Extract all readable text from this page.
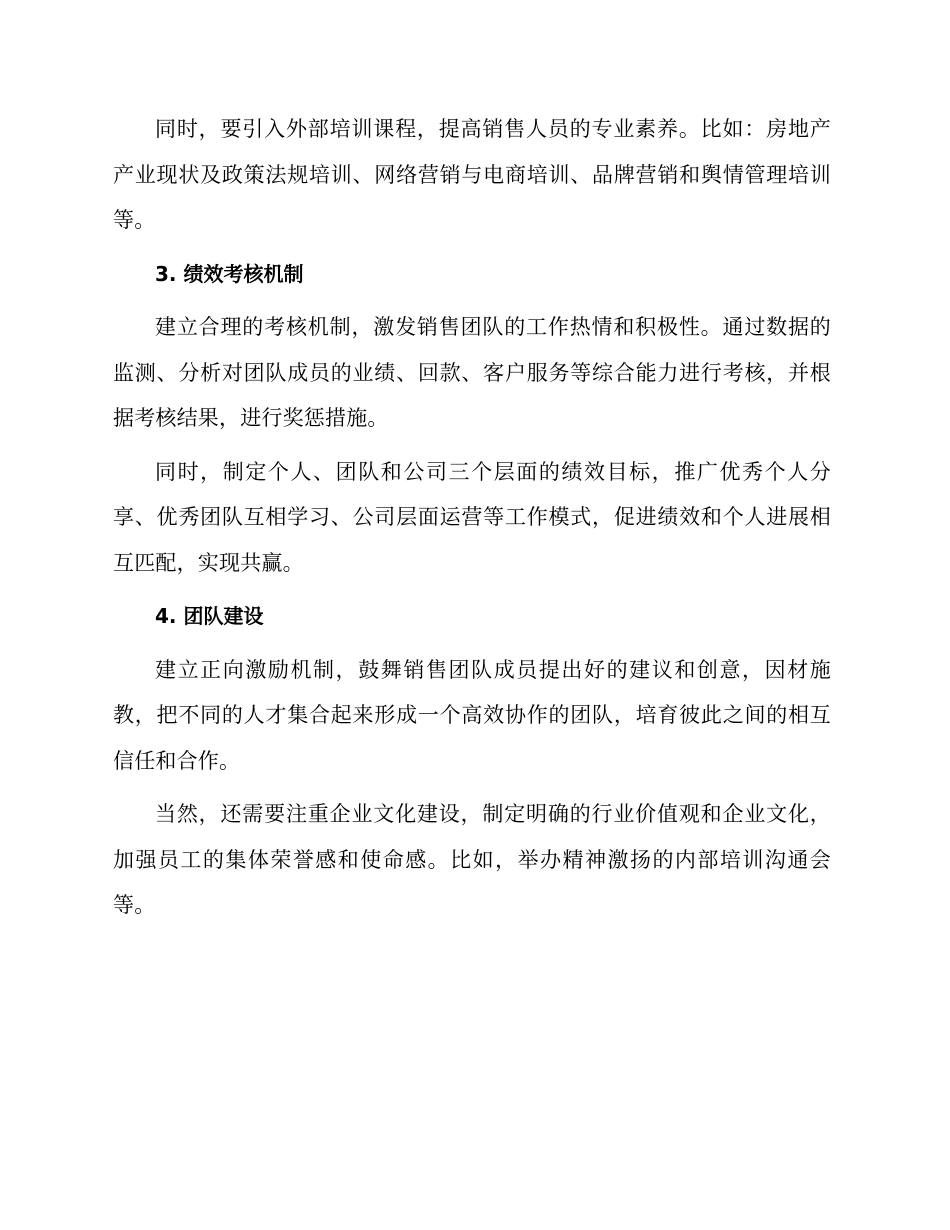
同时，要引入外部培训课程，提高销售人员的专业素养。比如：房地产产业现状及政策法规培训、网络营销与电商培训、品牌营销和舆情管理培训等。

3. 绩效考核机制

建立合理的考核机制，激发销售团队的工作热情和积极性。通过数据的监测、分析对团队成员的业绩、回款、客户服务等综合能力进行考核，并根据考核结果，进行奖惩措施。

同时，制定个人、团队和公司三个层面的绩效目标，推广优秀个人分享、优秀团队互相学习、公司层面运营等工作模式，促进绩效和个人进展相互匹配，实现共赢。

4. 团队建设

建立正向激励机制，鼓舞销售团队成员提出好的建议和创意，因材施教，把不同的人才集合起来形成一个高效协作的团队，培育彼此之间的相互信任和合作。

当然，还需要注重企业文化建设，制定明确的行业价值观和企业文化，加强员工的集体荣誉感和使命感。比如，举办精神激扬的内部培训沟通会等。
